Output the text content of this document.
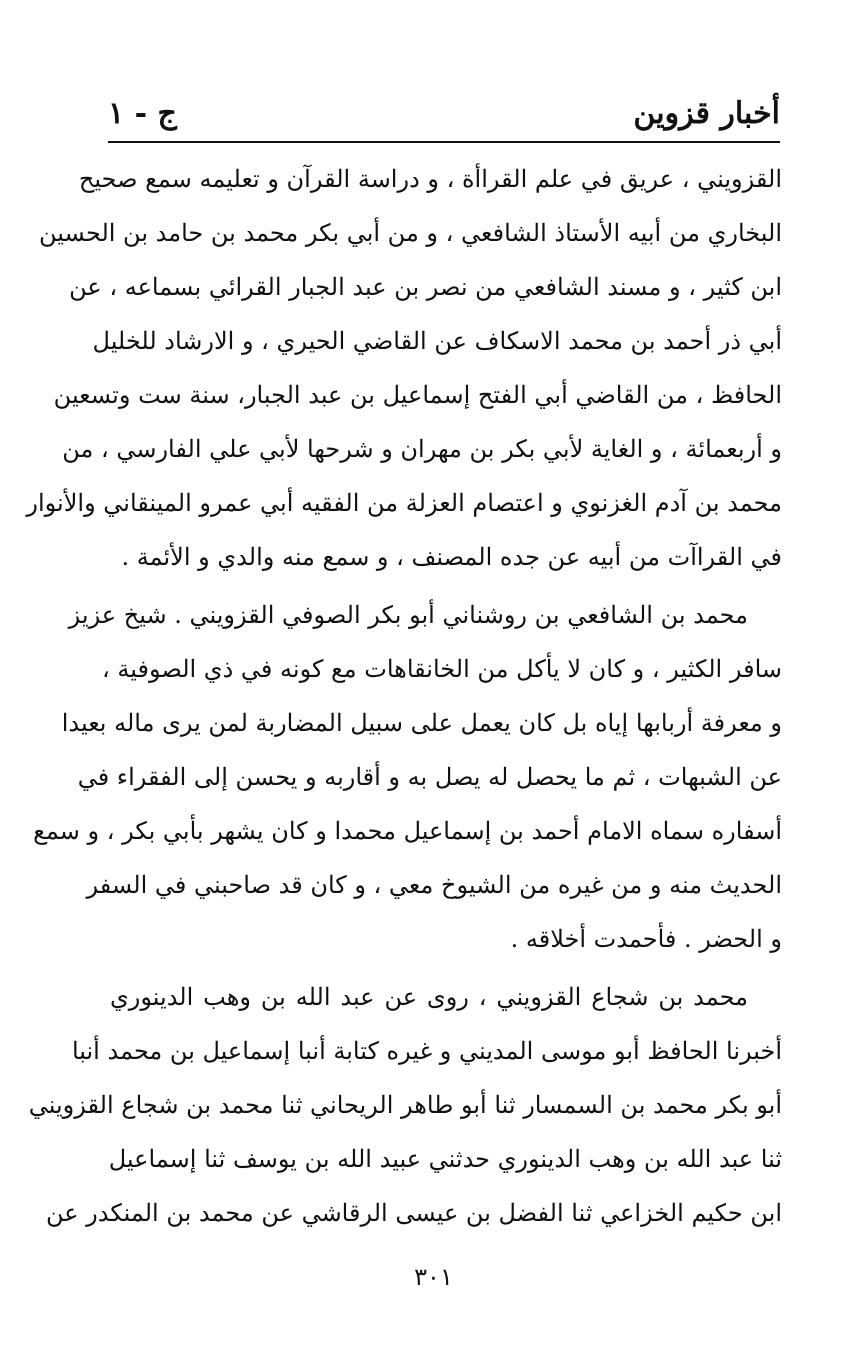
أخبار قزوين
ج - ١
القزويني ، عريق في علم القراأة ، و دراسة القرآن و تعليمه سمع صحيح
البخاري من أبيه الأستاذ الشافعي ، و من أبي بكر محمد بن حامد بن الحسين
ابن كثير ، و مسند الشافعي من نصر بن عبد الجبار القرائي بسماعه ، عن
أبي ذر أحمد بن محمد الاسكاف عن القاضي الحيري ، و الارشاد للخليل
الحافظ ، من القاضي أبي الفتح إسماعيل بن عبد الجبار، سنة ست وتسعين
و أربعمائة ، و الغاية لأبي بكر بن مهران و شرحها لأبي علي الفارسي ، من
محمد بن آدم الغزنوي و اعتصام العزلة من الفقيه أبي عمرو المينقاني والأنوار
في القراآت من أبيه عن جده المصنف ، و سمع منه والدي و الأئمة .
محمد بن الشافعي بن روشناني أبو بكر الصوفي القزويني . شيخ عزيز
سافر الكثير ، و كان لا يأكل من الخانقاهات مع كونه في ذي الصوفية ،
و معرفة أربابها إياه بل كان يعمل على سبيل المضاربة لمن يرى ماله بعيدا
عن الشبهات ، ثم ما يحصل له يصل به و أقاربه و يحسن إلى الفقراء في
أسفاره سماه الامام أحمد بن إسماعيل محمدا و كان يشهر بأبي بكر ، و سمع
الحديث منه و من غيره من الشيوخ معي ، و كان قد صاحبني في السفر
و الحضر . فأحمدت أخلاقه .
محمد بن شجاع القزويني ، روى عن عبد الله بن وهب الدينوري
أخبرنا الحافظ أبو موسى المديني و غيره كتابة أنبا إسماعيل بن محمد أنبا
أبو بكر محمد بن السمسار ثنا أبو طاهر الريحاني ثنا محمد بن شجاع القزويني
ثنا عبد الله بن وهب الدينوري حدثني عبيد الله بن يوسف ثنا إسماعيل
ابن حكيم الخزاعي ثنا الفضل بن عيسى الرقاشي عن محمد بن المنكدر عن
٣٠١
